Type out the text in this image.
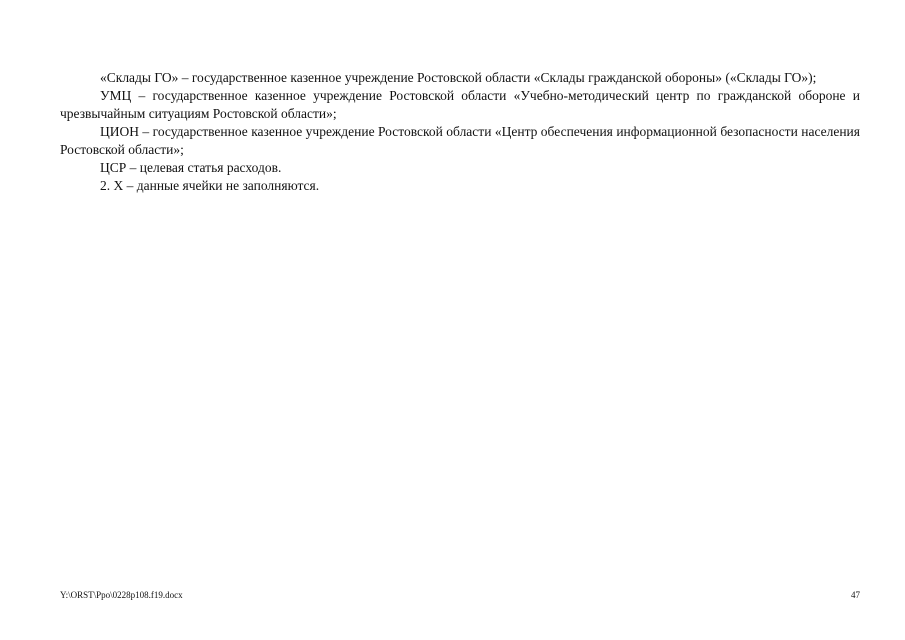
«Склады ГО» – государственное казенное учреждение Ростовской области «Склады гражданской обороны» («Склады ГО»);

УМЦ – государственное казенное учреждение Ростовской области «Учебно-методический центр по гражданской обороне и чрезвычайным ситуациям Ростовской области»;

ЦИОН – государственное казенное учреждение Ростовской области «Центр обеспечения информационной безопасности населения Ростовской области»;

ЦСР – целевая статья расходов.

2. X – данные ячейки не заполняются.

Y:\ORST\Ppo\0228p108.f19.docx	47
